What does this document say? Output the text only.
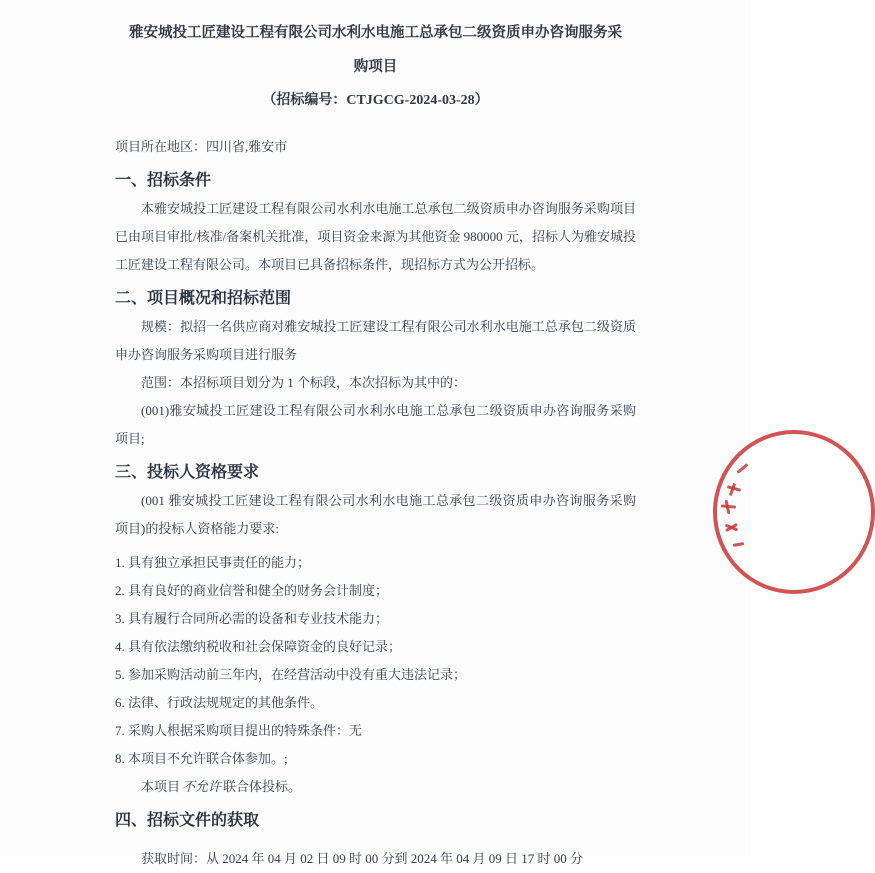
雅安城投工匠建设工程有限公司水利水电施工总承包二级资质申办咨询服务采
购项目
（招标编号：CTJGCG-2024-03-28）

项目所在地区：四川省,雅安市

一、招标条件

本雅安城投工匠建设工程有限公司水利水电施工总承包二级资质申办咨询服务采购项目已由项目审批/核准/备案机关批准，项目资金来源为其他资金 980000 元，招标人为雅安城投工匠建设工程有限公司。本项目已具备招标条件，现招标方式为公开招标。

二、项目概况和招标范围

规模：拟招一名供应商对雅安城投工匠建设工程有限公司水利水电施工总承包二级资质申办咨询服务采购项目进行服务

范围：本招标项目划分为 1 个标段，本次招标为其中的：

(001)雅安城投工匠建设工程有限公司水利水电施工总承包二级资质申办咨询服务采购项目;

三、投标人资格要求

(001 雅安城投工匠建设工程有限公司水利水电施工总承包二级资质申办咨询服务采购项目)的投标人资格能力要求:

1. 具有独立承担民事责任的能力；

2. 具有良好的商业信誉和健全的财务会计制度；

3. 具有履行合同所必需的设备和专业技术能力；

4. 具有依法缴纳税收和社会保障资金的良好记录；

5. 参加采购活动前三年内，在经营活动中没有重大违法记录；

6. 法律、行政法规规定的其他条件。

7. 采购人根据采购项目提出的特殊条件：无

8. 本项目不允许联合体参加。;

本项目 不允许 联合体投标。

四、招标文件的获取

获取时间：从 2024 年 04 月 02 日 09 时 00 分到 2024 年 04 月 09 日 17 时 00 分
